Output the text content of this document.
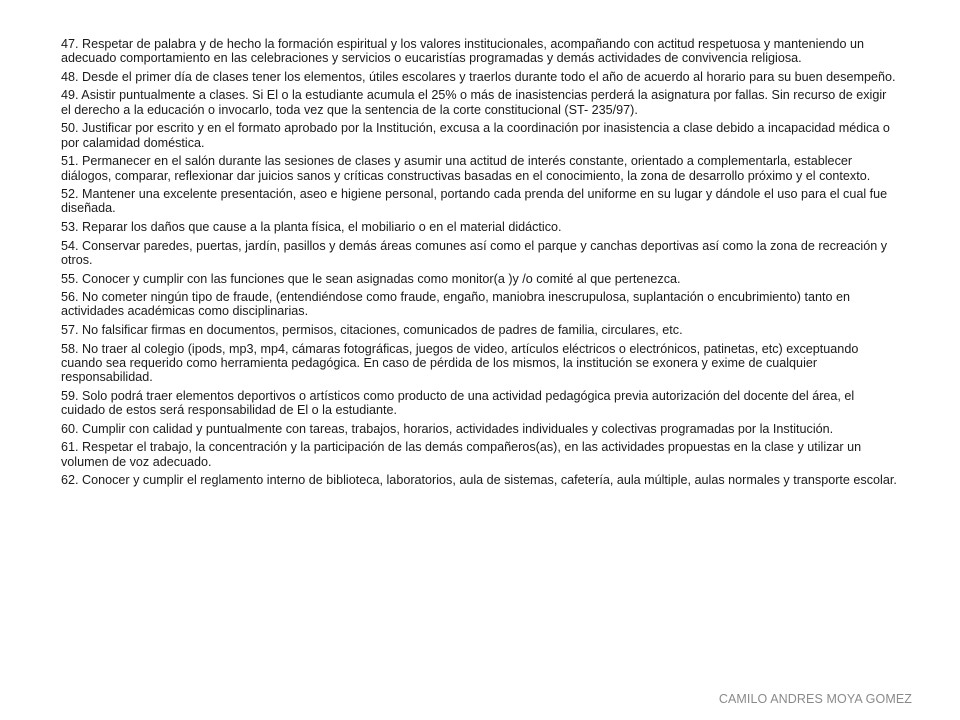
47. Respetar de palabra y de hecho la formación espiritual y los valores institucionales, acompañando con actitud respetuosa y manteniendo un adecuado comportamiento en las celebraciones y servicios o eucaristías programadas y demás actividades de convivencia religiosa.
48. Desde el primer día de clases tener los elementos, útiles escolares y traerlos durante todo el año de acuerdo al horario para su buen desempeño.
49. Asistir puntualmente a clases. Si El o la estudiante acumula el 25% o más de inasistencias perderá la asignatura por fallas. Sin recurso de exigir el derecho a la educación o invocarlo, toda vez que la sentencia de la corte constitucional (ST- 235/97).
50. Justificar por escrito y en el formato aprobado por la Institución, excusa a la coordinación por inasistencia a clase debido a incapacidad médica o por calamidad doméstica.
51. Permanecer en el salón durante las sesiones de clases y asumir una actitud de interés constante, orientado a complementarla, establecer diálogos, comparar, reflexionar dar juicios sanos y críticas constructivas basadas en el conocimiento, la zona de desarrollo próximo y el contexto.
52. Mantener una excelente presentación, aseo e higiene personal, portando cada prenda del uniforme en su lugar y dándole el uso para el cual fue diseñada.
53. Reparar los daños que cause a la planta física, el mobiliario o en el material didáctico.
54. Conservar paredes, puertas, jardín, pasillos y demás áreas comunes así como el parque y canchas deportivas así como la zona de recreación y otros.
55. Conocer y cumplir con las funciones que le sean asignadas como monitor(a )y /o comité al que pertenezca.
56. No cometer ningún tipo de fraude, (entendiéndose como fraude, engaño, maniobra inescrupulosa, suplantación o encubrimiento) tanto en actividades académicas como disciplinarias.
57. No falsificar firmas en documentos, permisos, citaciones, comunicados de padres de familia, circulares, etc.
58. No traer al colegio (ipods, mp3, mp4, cámaras fotográficas, juegos de video, artículos eléctricos o electrónicos, patinetas, etc) exceptuando cuando sea requerido como herramienta pedagógica. En caso de pérdida de los mismos, la institución se exonera y exime de cualquier responsabilidad.
59. Solo podrá traer elementos deportivos o artísticos como producto de una actividad pedagógica previa autorización del docente del área, el cuidado de estos será responsabilidad de El o la estudiante.
60. Cumplir con calidad y puntualmente con tareas, trabajos, horarios, actividades individuales y colectivas programadas por la Institución.
61. Respetar el trabajo, la concentración y la participación de las demás compañeros(as), en las actividades propuestas en la clase y utilizar un volumen de voz adecuado.
62. Conocer y cumplir el reglamento interno de biblioteca, laboratorios, aula de sistemas, cafetería, aula múltiple, aulas normales y transporte escolar.
CAMILO ANDRES MOYA GOMEZ
